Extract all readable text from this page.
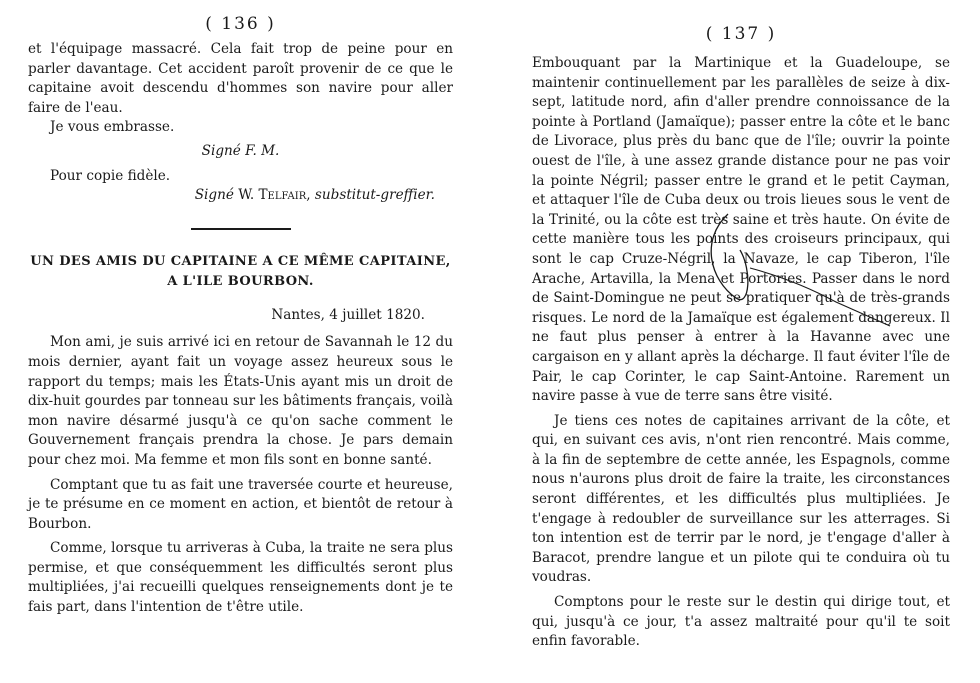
( 136 )

et l'équipage massacré. Cela fait trop de peine pour en parler davantage. Cet accident paroît provenir de ce que le capitaine avoit descendu d'hommes son navire pour aller faire de l'eau.

Je vous embrasse.

Signé F. M.

Pour copie fidèle.

Signé W. Telfair, substitut-greffier.

UN DES AMIS DU CAPITAINE A CE MÊME CAPITAINE,
A L'ILE BOURBON.

Nantes, 4 juillet 1820.

Mon ami, je suis arrivé ici en retour de Savannah le 12 du mois dernier, ayant fait un voyage assez heureux sous le rapport du temps; mais les États-Unis ayant mis un droit de dix-huit gourdes par tonneau sur les bâtiments français, voilà mon navire désarmé jusqu'à ce qu'on sache comment le Gouvernement français prendra la chose. Je pars demain pour chez moi. Ma femme et mon fils sont en bonne santé.

Comptant que tu as fait une traversée courte et heureuse, je te présume en ce moment en action, et bientôt de retour à Bourbon.

Comme, lorsque tu arriveras à Cuba, la traite ne sera plus permise, et que conséquemment les difficultés seront plus multipliées, j'ai recueilli quelques renseignements dont je te fais part, dans l'intention de t'être utile.

( 137 )

Embouquant par la Martinique et la Guadeloupe, se maintenir continuellement par les parallèles de seize à dix-sept, latitude nord, afin d'aller prendre connoissance de la pointe à Portland (Jamaïque); passer entre la côte et le banc de Livorace, plus près du banc que de l'île; ouvrir la pointe ouest de l'île, à une assez grande distance pour ne pas voir la pointe Négril; passer entre le grand et le petit Cayman, et attaquer l'île de Cuba deux ou trois lieues sous le vent de la Trinité, ou la côte est très saine et très haute. On évite de cette manière tous les points des croiseurs principaux, qui sont le cap Cruze-Négril, la Navaze, le cap Tiberon, l'île Arache, Artavilla, la Mena et Portories. Passer dans le nord de Saint-Domingue ne peut se pratiquer qu'à de très-grands risques. Le nord de la Jamaïque est également dangereux. Il ne faut plus penser à entrer à la Havanne avec une cargaison en y allant après la décharge. Il faut éviter l'île de Pair, le cap Corinter, le cap Saint-Antoine. Rarement un navire passe à vue de terre sans être visité.

Je tiens ces notes de capitaines arrivant de la côte, et qui, en suivant ces avis, n'ont rien rencontré. Mais comme, à la fin de septembre de cette année, les Espagnols, comme nous n'aurons plus droit de faire la traite, les circonstances seront différentes, et les difficultés plus multipliées. Je t'engage à redoubler de surveillance sur les atterrages. Si ton intention est de terrir par le nord, je t'engage d'aller à Baracot, prendre langue et un pilote qui te conduira où tu voudras.

Comptons pour le reste sur le destin qui dirige tout, et qui, jusqu'à ce jour, t'a assez maltraité pour qu'il te soit enfin favorable.
